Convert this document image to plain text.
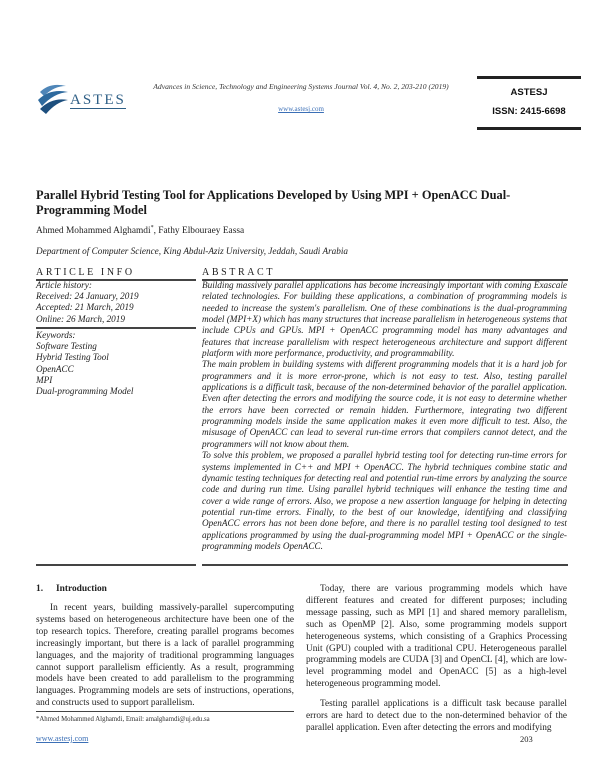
ASTES
Advances in Science, Technology and Engineering Systems Journal Vol. 4, No. 2, 203-210 (2019)
www.astesj.com
ASTESJ
ISSN: 2415-6698
Parallel Hybrid Testing Tool for Applications Developed by Using MPI + OpenACC Dual-Programming Model
Ahmed Mohammed Alghamdi*, Fathy Elbouraey Eassa
Department of Computer Science, King Abdul-Aziz University, Jeddah, Saudi Arabia
ARTICLE INFO
Article history:
Received: 24 January, 2019
Accepted: 21 March, 2019
Online: 26 March, 2019
Keywords:
Software Testing
Hybrid Testing Tool
OpenACC
MPI
Dual-programming Model
ABSTRACT

Building massively parallel applications has become increasingly important with coming Exascale related technologies. For building these applications, a combination of programming models is needed to increase the system's parallelism. One of these combinations is the dual-programming model (MPI+X) which has many structures that increase parallelism in heterogeneous systems that include CPUs and GPUs. MPI + OpenACC programming model has many advantages and features that increase parallelism with respect heterogeneous architecture and support different platform with more performance, productivity, and programmability.

The main problem in building systems with different programming models that it is a hard job for programmers and it is more error-prone, which is not easy to test. Also, testing parallel applications is a difficult task, because of the non-determined behavior of the parallel application. Even after detecting the errors and modifying the source code, it is not easy to determine whether the errors have been corrected or remain hidden. Furthermore, integrating two different programming models inside the same application makes it even more difficult to test. Also, the misusage of OpenACC can lead to several run-time errors that compilers cannot detect, and the programmers will not know about them.

To solve this problem, we proposed a parallel hybrid testing tool for detecting run-time errors for systems implemented in C++ and MPI + OpenACC. The hybrid techniques combine static and dynamic testing techniques for detecting real and potential run-time errors by analyzing the source code and during run time. Using parallel hybrid techniques will enhance the testing time and cover a wide range of errors. Also, we propose a new assertion language for helping in detecting potential run-time errors. Finally, to the best of our knowledge, identifying and classifying OpenACC errors has not been done before, and there is no parallel testing tool designed to test applications programmed by using the dual-programming model MPI + OpenACC or the single-programming models OpenACC.

1. Introduction

In recent years, building massively-parallel supercomputing systems based on heterogeneous architecture have been one of the top research topics. Therefore, creating parallel programs becomes increasingly important, but there is a lack of parallel programming languages, and the majority of traditional programming languages cannot support parallelism efficiently. As a result, programming models have been created to add parallelism to the programming languages. Programming models are sets of instructions, operations, and constructs used to support parallelism.

Today, there are various programming models which have different features and created for different purposes; including message passing, such as MPI [1] and shared memory parallelism, such as OpenMP [2]. Also, some programming models support heterogeneous systems, which consisting of a Graphics Processing Unit (GPU) coupled with a traditional CPU. Heterogeneous parallel programming models are CUDA [3] and OpenCL [4], which are low-level programming model and OpenACC [5] as a high-level heterogeneous programming model.

Testing parallel applications is a difficult task because parallel errors are hard to detect due to the non-determined behavior of the parallel application. Even after detecting the errors and modifying

*Ahmed Mohammed Alghamdi, Email: amalghamdi@uj.edu.sa
www.astesj.com	203
